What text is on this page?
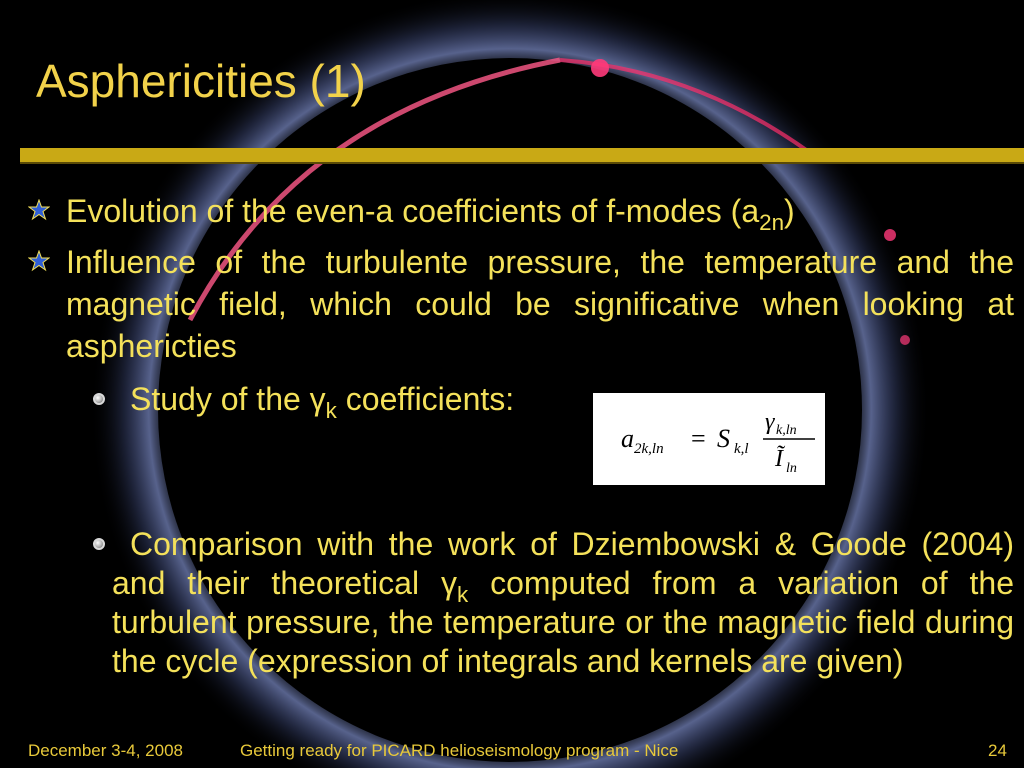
Asphericities (1)
Evolution of the even-a coefficients of f-modes $(a_{2n})$
Influence of the turbulente pressure, the temperature and the magnetic field, which could be significative when looking at asphericties
Study of the $\gamma_k$ coefficients:
a 2k,ln = S k,l
γ k,ln
Ĩ ln
Comparison with the work of Dziembowski & Goode (2004) and their theoretical $\gamma_k$ computed from a variation of the turbulent pressure, the temperature or the magnetic field during the cycle (expression of integrals and kernels are given)
December 3-4, 2008	Getting ready for PICARD helioseismology program - Nice	24
